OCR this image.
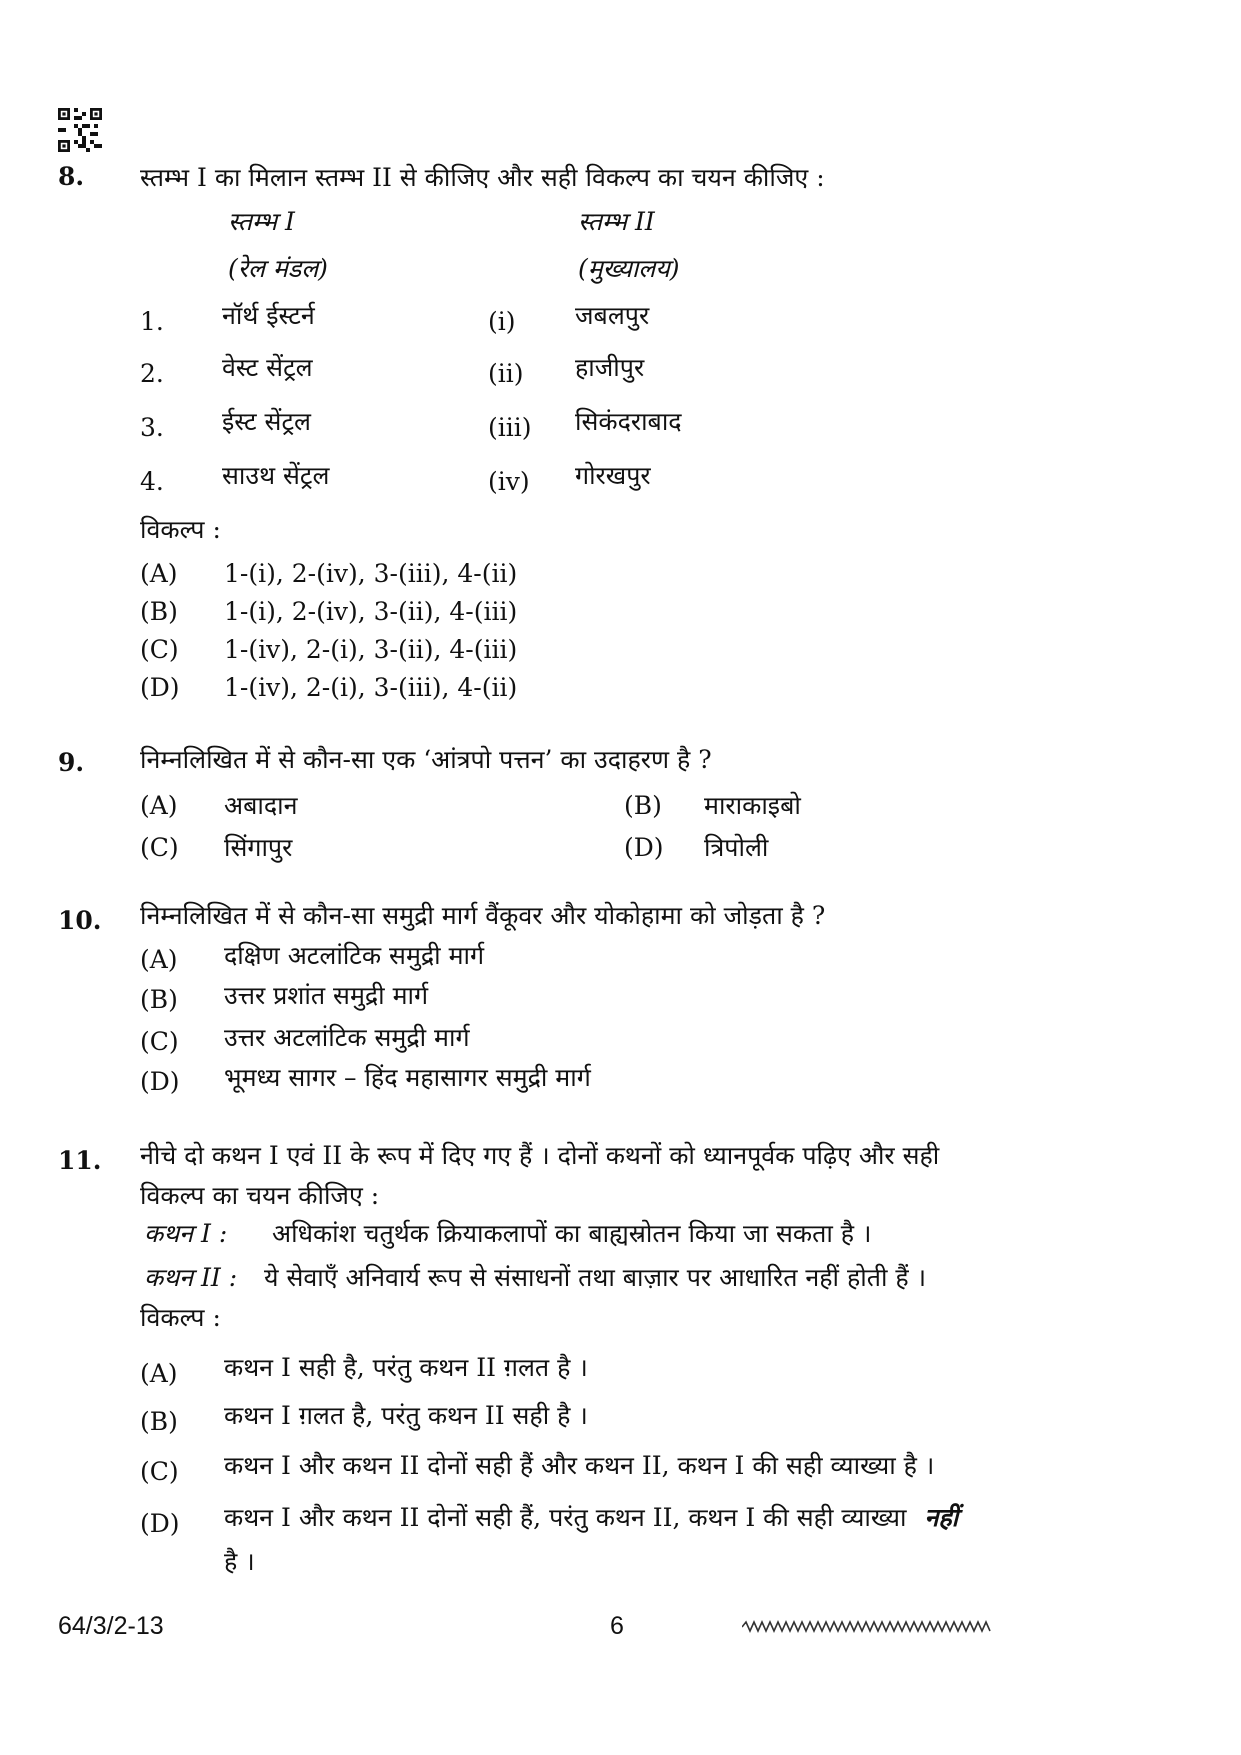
8. स्तम्भ I का मिलान स्तम्भ II से कीजिए और सही विकल्प का चयन कीजिए :
स्तम्भ I	स्तम्भ II
(रेल मंडल)	(मुख्यालय)
1. नॉर्थ ईस्टर्न	(i) जबलपुर
2. वेस्ट सेंट्रल	(ii) हाजीपुर
3. ईस्ट सेंट्रल	(iii) सिकंदराबाद
4. साउथ सेंट्रल	(iv) गोरखपुर
विकल्प :
(A) 1-(i), 2-(iv), 3-(iii), 4-(ii)
(B) 1-(i), 2-(iv), 3-(ii), 4-(iii)
(C) 1-(iv), 2-(i), 3-(ii), 4-(iii)
(D) 1-(iv), 2-(i), 3-(iii), 4-(ii)
9. निम्नलिखित में से कौन-सा एक ‘आंत्रपो पत्तन’ का उदाहरण है ?
(A) अबादान	(B) माराकाइबो
(C) सिंगापुर	(D) त्रिपोली
10. निम्नलिखित में से कौन-सा समुद्री मार्ग वैंकूवर और योकोहामा को जोड़ता है ?
(A) दक्षिण अटलांटिक समुद्री मार्ग
(B) उत्तर प्रशांत समुद्री मार्ग
(C) उत्तर अटलांटिक समुद्री मार्ग
(D) भूमध्य सागर – हिंद महासागर समुद्री मार्ग
11. नीचे दो कथन I एवं II के रूप में दिए गए हैं । दोनों कथनों को ध्यानपूर्वक पढ़िए और सही
विकल्प का चयन कीजिए :
कथन I : अधिकांश चतुर्थक क्रियाकलापों का बाह्यस्रोतन किया जा सकता है ।
कथन II : ये सेवाएँ अनिवार्य रूप से संसाधनों तथा बाज़ार पर आधारित नहीं होती हैं ।
विकल्प :
(A) कथन I सही है, परंतु कथन II ग़लत है ।
(B) कथन I ग़लत है, परंतु कथन II सही है ।
(C) कथन I और कथन II दोनों सही हैं और कथन II, कथन I की सही व्याख्या है ।
(D) कथन I और कथन II दोनों सही हैं, परंतु कथन II, कथन I की सही व्याख्या नहीं
है ।
64/3/2-13	6
